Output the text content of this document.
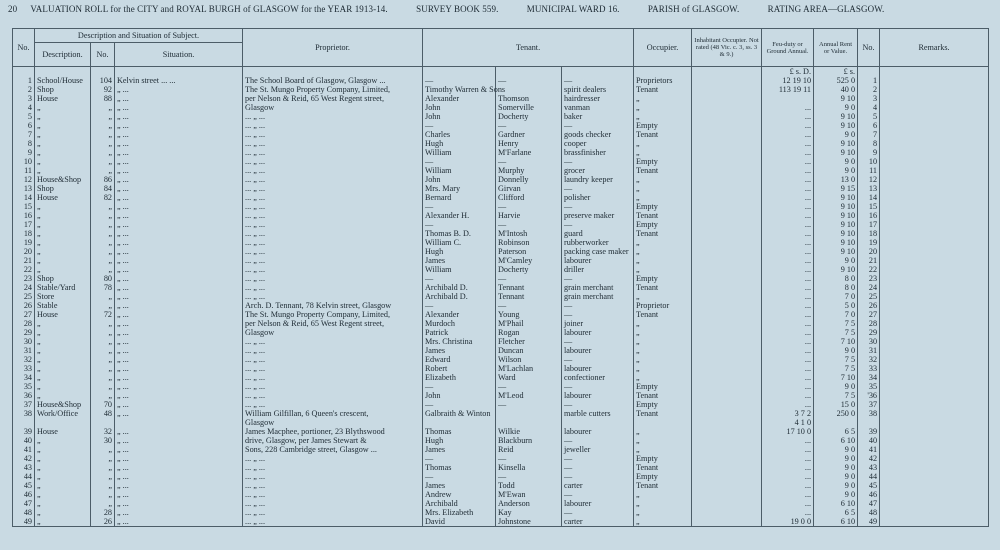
20 VALUATION ROLL for the CITY and ROYAL BURGH of GLASGOW for the YEAR 1913-14.	SURVEY BOOK 559.	MUNICIPAL WARD 16.	PARISH of GLASGOW.	RATING AREA—GLASGOW.
No.	Description and Situation of Subject.			Proprietor.	Tenant.			Occupier.	Inhabitant Occupier. Not rated (48 Vic. c. 3, ss. 3 & 9.)	Feu-duty or Ground Annual.	Annual Rent or Value.	No.	Remarks.
	Description.	No.	Situation.										
										£ s. D.	£ s.		
1	School/House	104	Kelvin street ... ...	The School Board of Glasgow, Glasgow ...	—	—	—	Proprietors		12 19 10	525 0	1	
2	Shop	92	„ ...	The St. Mungo Property Company, Limited,	Timothy Warren & Sons		spirit dealers	Tenant		113 19 11	40 0	2	
3	House	88	„ ...	per Nelson & Reid, 65 West Regent street,	Alexander	Thomson	hairdresser	„			9 10	3	
4	„	„	„ ...	Glasgow	John	Somerville	vanman	„		...	9 0	4	
5	„	„	„ ...	... „ ...	John	Docherty	baker	„		...	9 10	5	
6	„	„	„ ...	... „ ...	—	—	—	Empty		...	9 10	6	
7	„	„	„ ...	... „ ...	Charles	Gardner	goods checker	Tenant		...	9 0	7	
8	„	„	„ ...	... „ ...	Hugh	Henry	cooper	„		...	9 10	8	
9	„	„	„ ...	... „ ...	William	M'Farlane	brassfinisher	„		...	9 10	9	
10	„	„	„ ...	... „ ...	—	—	—	Empty		...	9 0	10	
11	„	„	„ ...	... „ ...	William	Murphy	grocer	Tenant		...	9 0	11	
12	House&Shop	86	„ ...	... „ ...	John	Donnelly	laundry keeper	„		...	13 0	12	
13	Shop	84	„ ...	... „ ...	Mrs. Mary	Girvan	—	„		...	9 15	13	
14	House	82	„ ...	... „ ...	Bernard	Clifford	polisher	„		...	9 10	14	
15	„	„	„ ...	... „ ...	—	—	—	Empty		...	9 10	15	
16	„	„	„ ...	... „ ...	Alexander H.	Harvie	preserve maker	Tenant		...	9 10	16	
17	„	„	„ ...	... „ ...	—	—	—	Empty		...	9 10	17	
18	„	„	„ ...	... „ ...	Thomas B. D.	M'Intosh	guard	Tenant		...	9 10	18	
19	„	„	„ ...	... „ ...	William C.	Robinson	rubberworker	„		...	9 10	19	
20	„	„	„ ...	... „ ...	Hugh	Paterson	packing case maker	„		...	9 10	20	
21	„	„	„ ...	... „ ...	James	M'Camley	labourer	„		...	9 0	21	
22	„	„	„ ...	... „ ...	William	Docherty	driller	„		...	9 10	22	
23	Shop	80	„ ...	... „ ...	—	—	—	Empty		...	8 0	23	
24	Stable/Yard	78	„ ...	... „ ...	Archibald D.	Tennant	grain merchant	Tenant		...	8 0	24	
25	Store	„	„ ...	... „ ...	Archibald D.	Tennant	grain merchant	„		...	7 0	25	
26	Stable	„	„ ...	Arch. D. Tennant, 78 Kelvin street, Glasgow	—	—	—	Proprietor		...	5 0	26	
27	House	72	„ ...	The St. Mungo Property Company, Limited,	Alexander	Young	—	Tenant		...	7 0	27	
28	„	„	„ ...	per Nelson & Reid, 65 West Regent street,	Murdoch	M'Phail	joiner	„		...	7 5	28	
29	„	„	„ ...	Glasgow	Patrick	Rogan	labourer	„		...	7 5	29	
30	„	„	„ ...	... „ ...	Mrs. Christina	Fletcher	—	„		...	7 10	30	
31	„	„	„ ...	... „ ...	James	Duncan	labourer	„		...	9 0	31	
32	„	„	„ ...	... „ ...	Edward	Wilson	—	„		...	7 5	32	
33	„	„	„ ...	... „ ...	Robert	M'Lachlan	labourer	„		...	7 5	33	
34	„	„	„ ...	... „ ...	Elizabeth	Ward	confectioner	„		...	7 10	34	
35	„	„	„ ...	... „ ...	—	—	—	Empty		...	9 0	35	
36	„	„	„ ...	... „ ...	John	M'Leod	labourer	Tenant		...	7 5	'36	
37	House&Shop	70	„ ...	... „ ...	—	—	—	Empty		...	15 0	37	
38	Work/Office	48	„ ...	William Gilfillan, 6 Queen's crescent,	Galbraith & Winton		marble cutters	Tenant		3 7 2	250 0	38	
				Glasgow						4 1 0			
39	House	32	„ ...	James Macphee, portioner, 23 Blythswood	Thomas	Wilkie	labourer	„		17 10 0	6 5	39	
40	„	30	„ ...	drive, Glasgow, per James Stewart &	Hugh	Blackburn	—	„		...	6 10	40	
41	„	„	„ ...	Sons, 228 Cambridge street, Glasgow ...	James	Reid	jeweller	„		...	9 0	41	
42	„	„	„ ...	... „ ...	—	—	—	Empty		...	9 0	42	
43	„	„	„ ...	... „ ...	Thomas	Kinsella	—	Tenant		...	9 0	43	
44	„	„	„ ...	... „ ...	—	—	—	Empty		...	9 0	44	
45	„	„	„ ...	... „ ...	James	Todd	carter	Tenant		...	9 0	45	
46	„	„	„ ...	... „ ...	Andrew	M'Ewan	—	„		...	9 0	46	
47	„	„	„ ...	... „ ...	Archibald	Anderson	labourer	„		...	6 10	47	
48	„	28	„ ...	... „ ...	Mrs. Elizabeth	Kay	—	„		...	6 5	48	
49	„	26	„ ...	... „ ...	David	Johnstone	carter	„		19 0 0	6 10	49	
